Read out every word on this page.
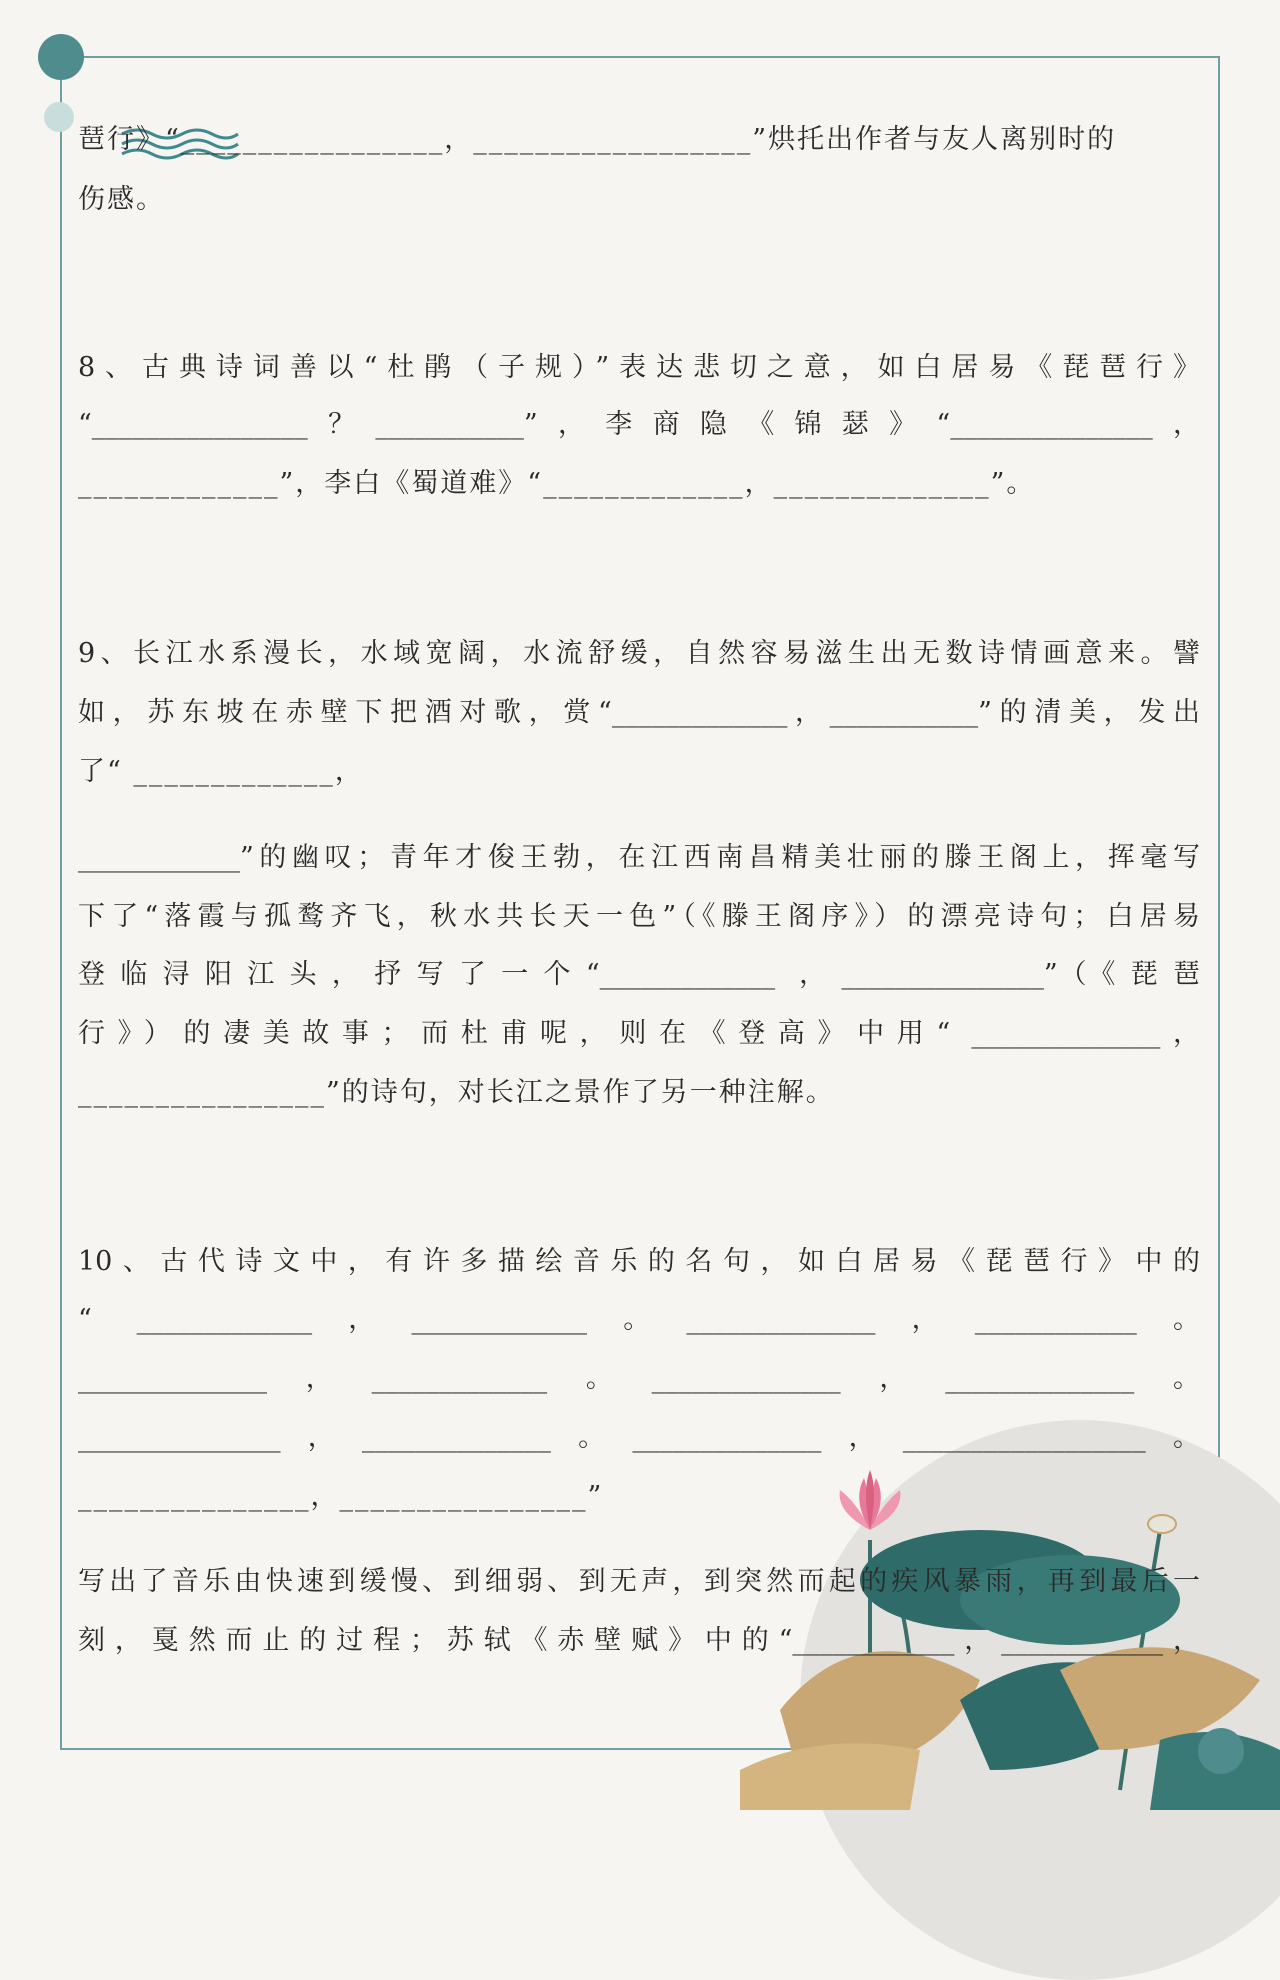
琶行》“_________________，__________________”烘托出作者与友人离别时的
伤感。
8、古典诗词善以“杜鹃（子规）”表达悲切之意，如白居易《琵琶行》
“________________？___________”，李商隐《锦瑟》“_______________，
_____________”，李白《蜀道难》“_____________，______________”。
9、长江水系漫长，水域宽阔，水流舒缓，自然容易滋生出无数诗情画意来。譬
如，苏东坡在赤壁下把酒对歌，赏“_____________，___________”的清美，发出
了“ _____________，
____________”的幽叹；青年才俊王勃，在江西南昌精美壮丽的滕王阁上，挥毫写
下了“落霞与孤鹜齐飞，秋水共长天一色”（《滕王阁序》）的漂亮诗句；白居易
登临浔阳江头，抒写了一个“_____________ ，_______________”（《琵琶
行》）的凄美故事；而杜甫呢，则在《登高》中用“ ______________，
________________”的诗句，对长江之景作了另一种注解。
10、古代诗文中，有许多描绘音乐的名句，如白居易《琵琶行》中的
“ _____________，_____________。______________，____________。
______________，_____________。______________，______________。
_______________，______________。______________，__________________。
_______________，________________”
写出了音乐由快速到缓慢、到细弱、到无声，到突然而起的疾风暴雨，再到最后一
刻，戛然而止的过程；苏轼《赤壁赋》中的“____________，____________，
